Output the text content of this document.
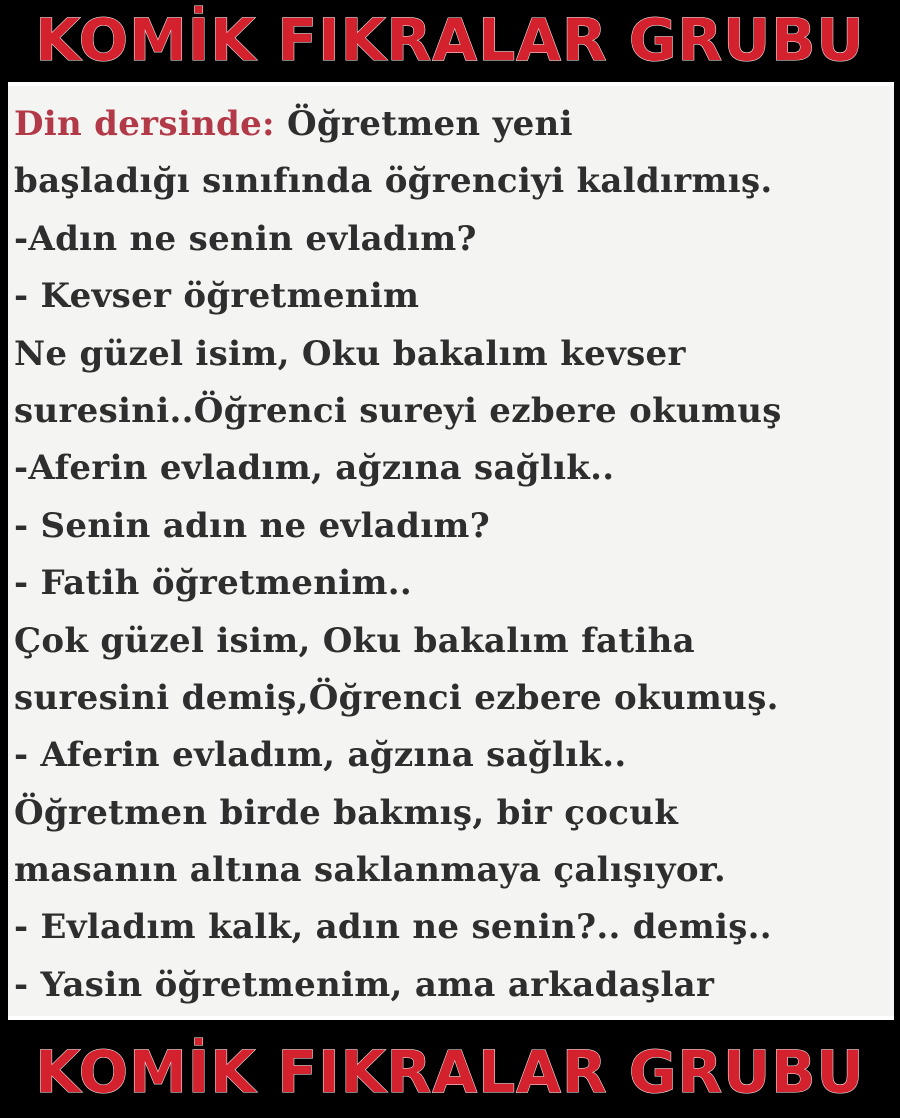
KOMİK FIKRALAR GRUBU
Din dersinde: Öğretmen yeni
başladığı sınıfında öğrenciyi kaldırmış.
-Adın ne senin evladım?
- Kevser öğretmenim
Ne güzel isim, Oku bakalım kevser
suresini..Öğrenci sureyi ezbere okumuş
-Aferin evladım, ağzına sağlık..
- Senin adın ne evladım?
- Fatih öğretmenim..
Çok güzel isim, Oku bakalım fatiha
suresini demiş,Öğrenci ezbere okumuş.
- Aferin evladım, ağzına sağlık..
Öğretmen birde bakmış, bir çocuk
masanın altına saklanmaya çalışıyor.
- Evladım kalk, adın ne senin?.. demiş..
- Yasin öğretmenim, ama arkadaşlar
KOMİK FIKRALAR GRUBU
